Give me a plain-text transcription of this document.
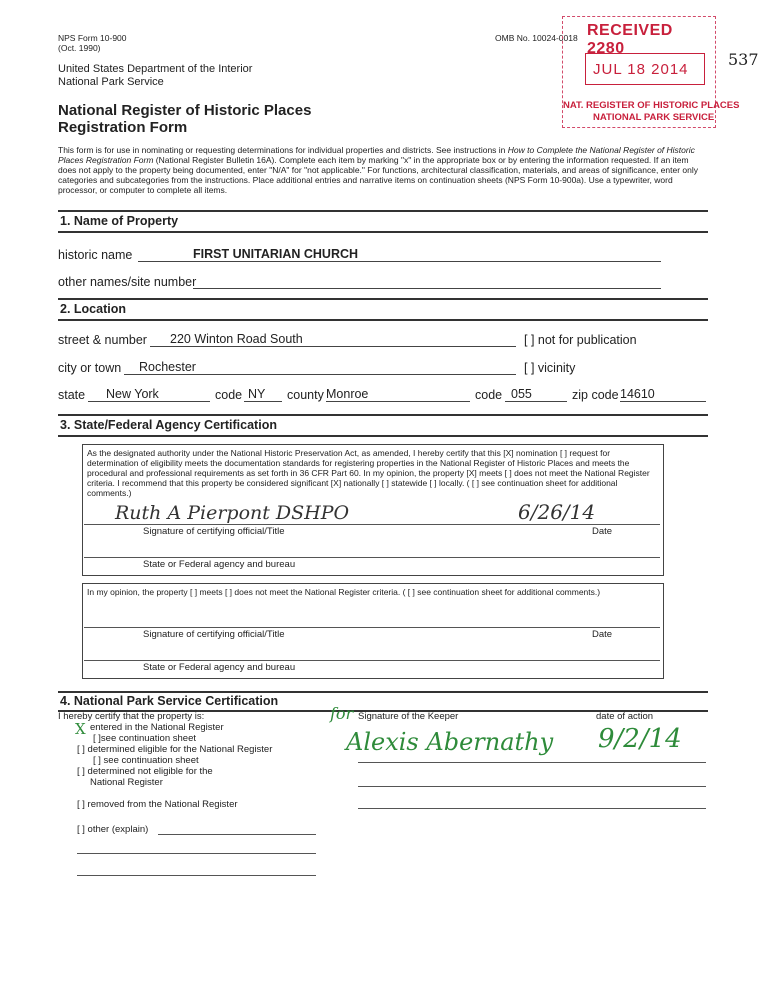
NPS Form 10-900
(Oct. 1990)
OMB No. 10024-0018
United States Department of the Interior
National Park Service
National Register of Historic Places
Registration Form
RECEIVED 2280
JUL 18 2014
NAT. REGISTER OF HISTORIC PLACES
NATIONAL PARK SERVICE
537

This form is for use in nominating or requesting determinations for individual properties and districts. See instructions in How to Complete the National Register of Historic Places Registration Form (National Register Bulletin 16A). Complete each item by marking "x" in the appropriate box or by entering the information requested. If an item does not apply to the property being documented, enter "N/A" for "not applicable." For functions, architectural classification, materials, and areas of significance, enter only categories and subcategories from the instructions. Place additional entries and narrative items on continuation sheets (NPS Form 10-900a). Use a typewriter, word processor, or computer to complete all items.

1. Name of Property
historic name	FIRST UNITARIAN CHURCH
other names/site number
2. Location
street & number	220 Winton Road South	[ ] not for publication
city or town	Rochester	[ ] vicinity
state	New York	code NY	county Monroe	code 055	zip code 14610
3. State/Federal Agency Certification
As the designated authority under the National Historic Preservation Act, as amended, I hereby certify that this [X] nomination [ ] request for determination of eligibility meets the documentation standards for registering properties in the National Register of Historic Places and meets the procedural and professional requirements as set forth in 36 CFR Part 60. In my opinion, the property [X] meets [ ] does not meet the National Register criteria. I recommend that this property be considered significant [X] nationally [ ] statewide [ ] locally. ( [ ] see continuation sheet for additional comments.)
Ruth A Pierpont DSHPO	6/26/14
Signature of certifying official/Title	Date
State or Federal agency and bureau
In my opinion, the property [ ] meets [ ] does not meet the National Register criteria. ( [ ] see continuation sheet for additional comments.)
Signature of certifying official/Title	Date
State or Federal agency and bureau
4. National Park Service Certification
I hereby certify that the property is:
X entered in the National Register
[ ]see continuation sheet
[ ] determined eligible for the National Register
[ ] see continuation sheet
[ ] determined not eligible for the
National Register
[ ] removed from the National Register
[ ] other (explain)
Signature of the Keeper	date of action
for
Alexis Abernathy 9/2/14
